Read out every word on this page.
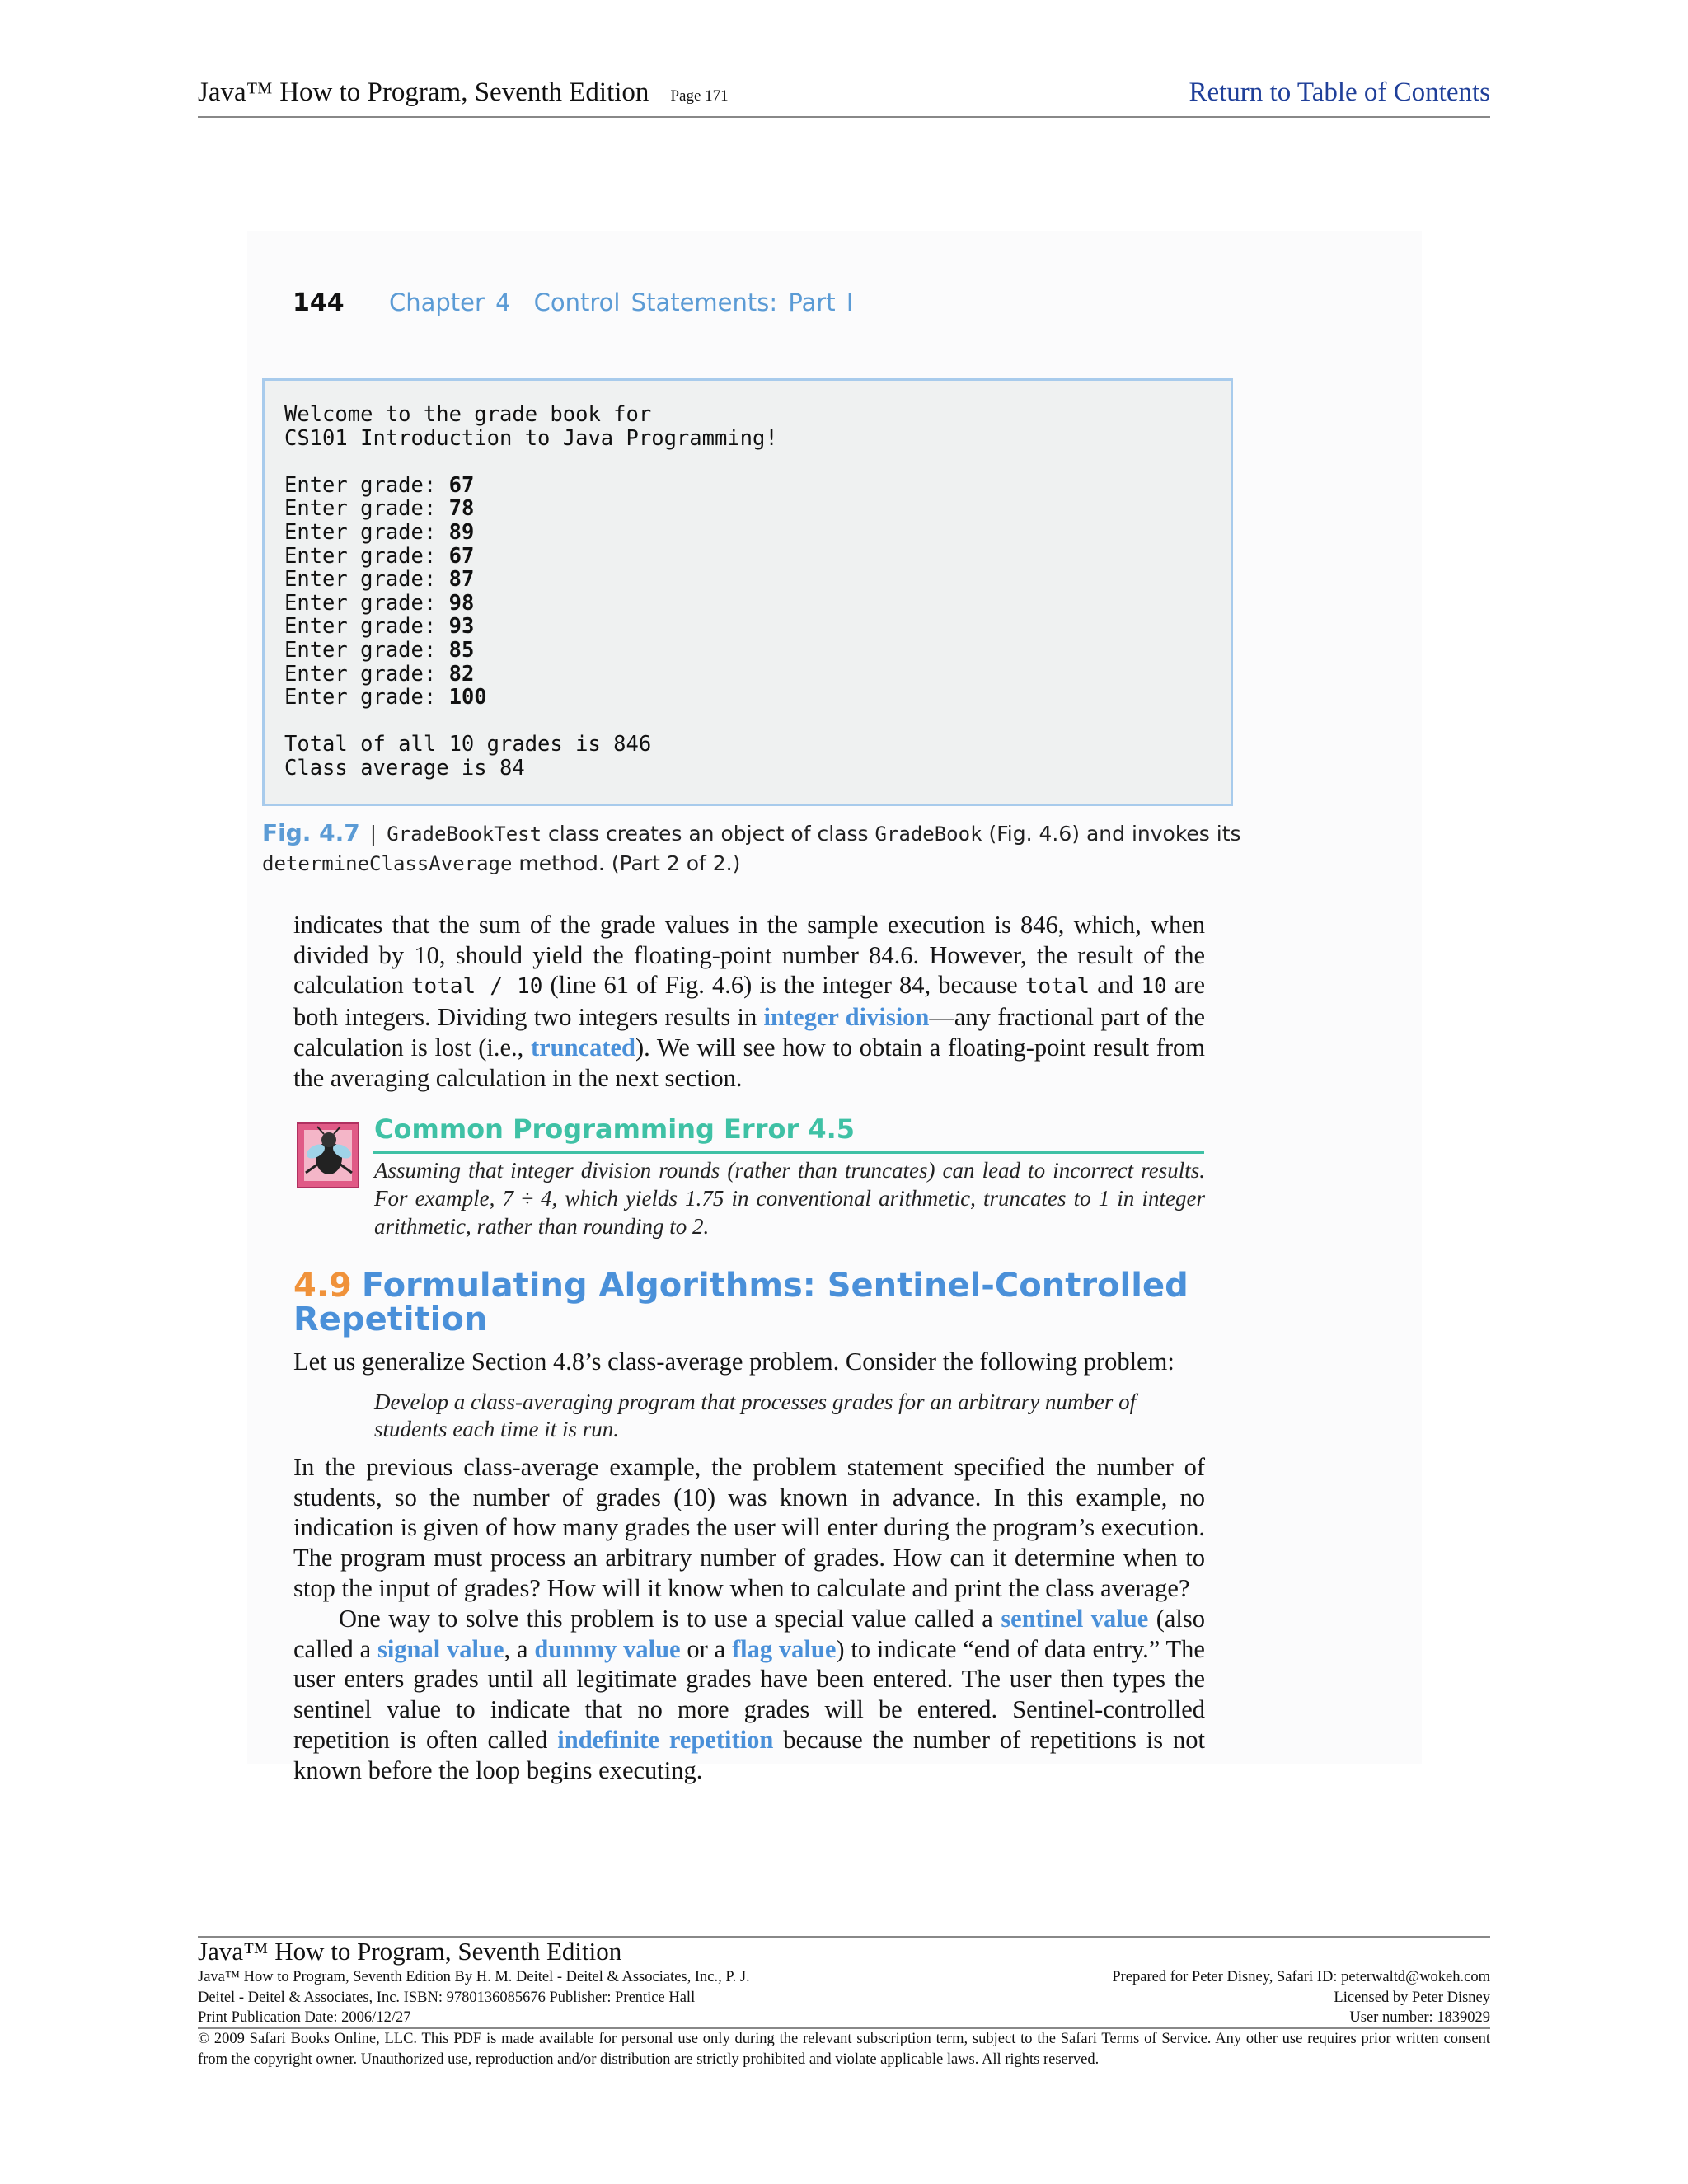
Java™ How to Program, Seventh Edition Page 171	Return to Table of Contents
144 Chapter 4 Control Statements: Part I
Welcome to the grade book for
CS101 Introduction to Java Programming!

Enter grade: 67
Enter grade: 78
Enter grade: 89
Enter grade: 67
Enter grade: 87
Enter grade: 98
Enter grade: 93
Enter grade: 85
Enter grade: 82
Enter grade: 100

Total of all 10 grades is 846
Class average is 84
Fig. 4.7 | GradeBookTest class creates an object of class GradeBook (Fig. 4.6) and invokes its
determineClassAverage method. (Part 2 of 2.)
indicates that the sum of the grade values in the sample execution is 846, which, when divided by 10, should yield the floating-point number 84.6. However, the result of the calculation total / 10 (line 61 of Fig. 4.6) is the integer 84, because total and 10 are both integers. Dividing two integers results in integer division—any fractional part of the calculation is lost (i.e., truncated). We will see how to obtain a floating-point result from the averaging calculation in the next section.
Common Programming Error 4.5
Assuming that integer division rounds (rather than truncates) can lead to incorrect results. For example, 7 ÷ 4, which yields 1.75 in conventional arithmetic, truncates to 1 in integer arithmetic, rather than rounding to 2.
4.9 Formulating Algorithms: Sentinel-Controlled Repetition
Let us generalize Section 4.8’s class-average problem. Consider the following problem:
Develop a class-averaging program that processes grades for an arbitrary number of students each time it is run.
In the previous class-average example, the problem statement specified the number of students, so the number of grades (10) was known in advance. In this example, no indication is given of how many grades the user will enter during the program’s execution. The program must process an arbitrary number of grades. How can it determine when to stop the input of grades? How will it know when to calculate and print the class average?
One way to solve this problem is to use a special value called a sentinel value (also called a signal value, a dummy value or a flag value) to indicate “end of data entry.” The user enters grades until all legitimate grades have been entered. The user then types the sentinel value to indicate that no more grades will be entered. Sentinel-controlled repetition is often called indefinite repetition because the number of repetitions is not known before the loop begins executing.
Java™ How to Program, Seventh Edition
Java™ How to Program, Seventh Edition By H. M. Deitel - Deitel & Associates, Inc., P. J.
Deitel - Deitel & Associates, Inc. ISBN: 9780136085676 Publisher: Prentice Hall
Print Publication Date: 2006/12/27
Prepared for Peter Disney, Safari ID: peterwaltd@wokeh.com
Licensed by Peter Disney
User number: 1839029
© 2009 Safari Books Online, LLC. This PDF is made available for personal use only during the relevant subscription term, subject to the Safari Terms of Service. Any other use requires prior written consent from the copyright owner. Unauthorized use, reproduction and/or distribution are strictly prohibited and violate applicable laws. All rights reserved.
